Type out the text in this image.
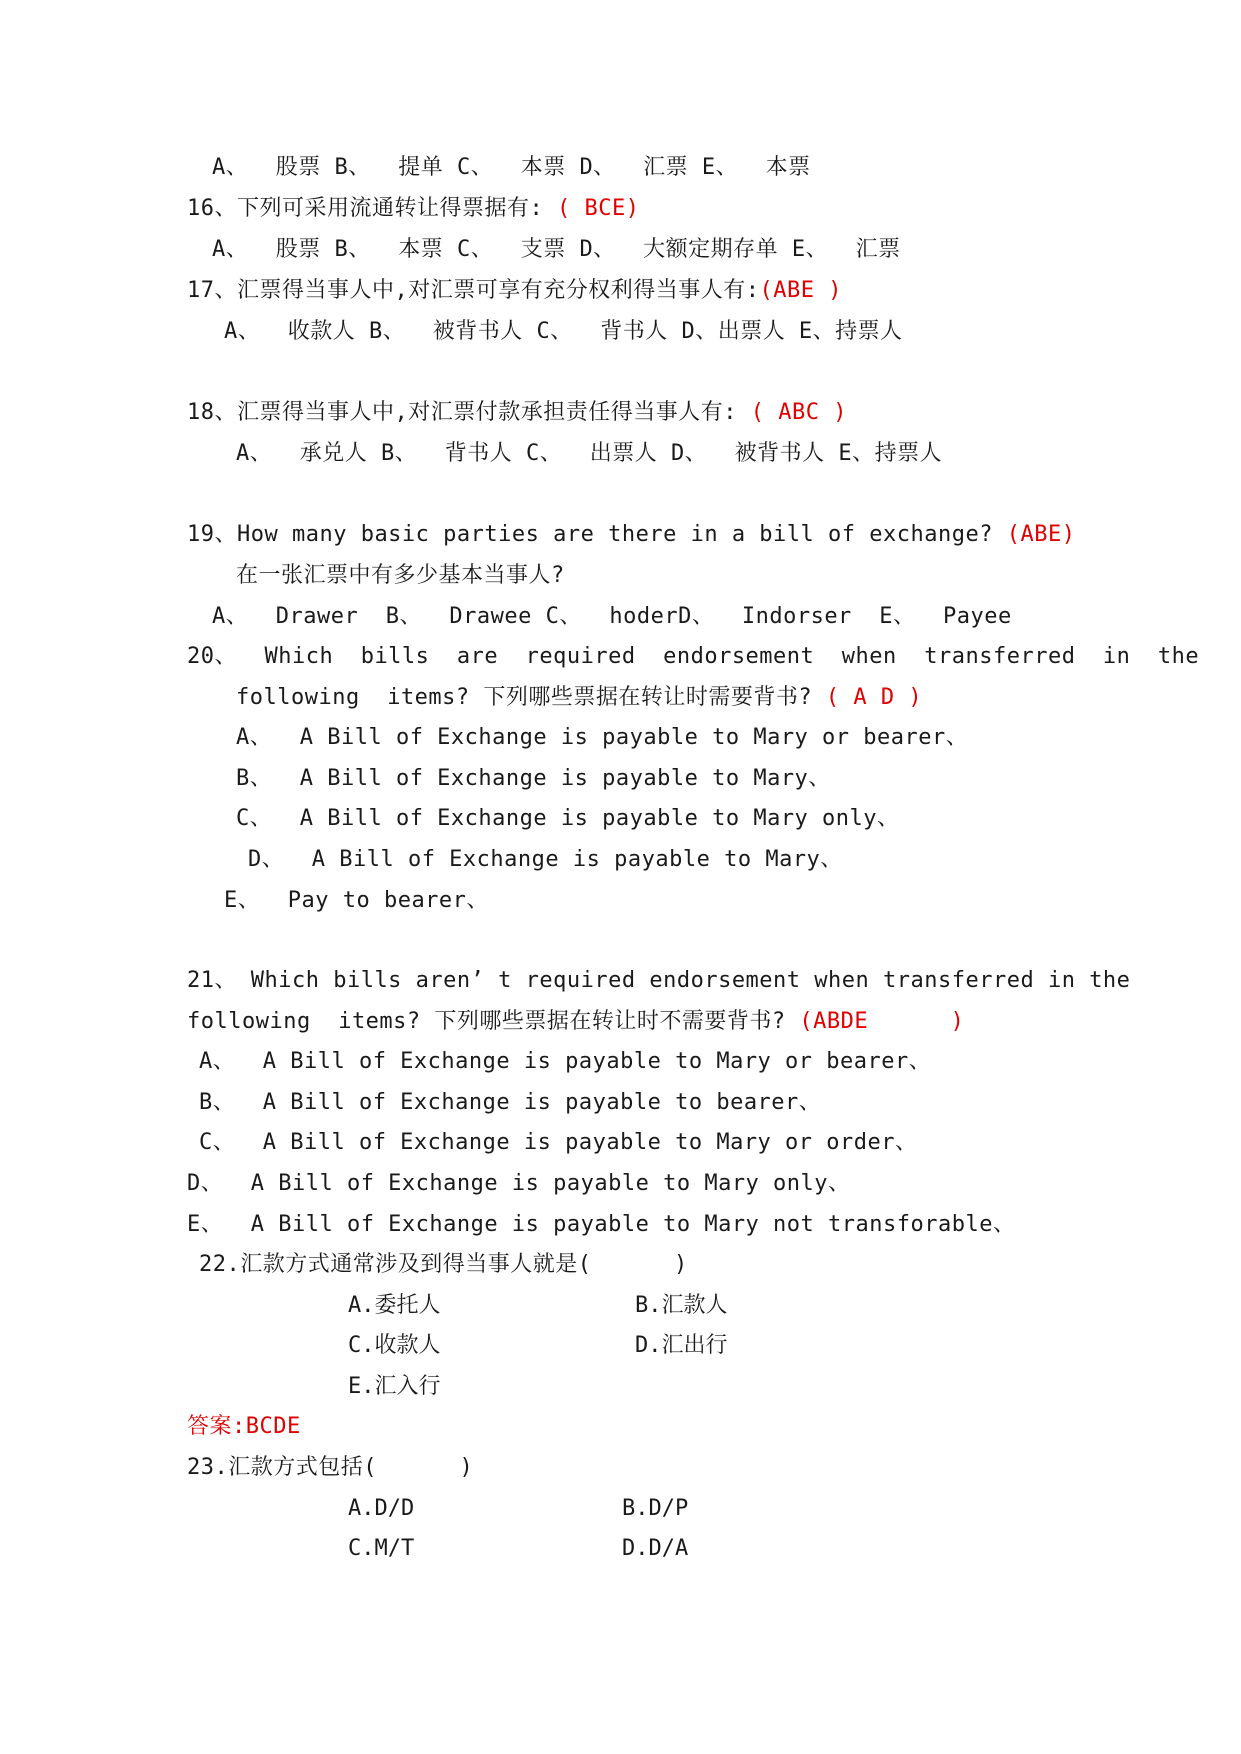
A、  股票 B、  提单 C、  本票 D、  汇票 E、  本票
16、下列可采用流通转让得票据有: ( BCE)
A、  股票 B、  本票 C、  支票 D、  大额定期存单 E、  汇票
17、汇票得当事人中,对汇票可享有充分权利得当事人有:(ABE )
A、  收款人 B、  被背书人 C、  背书人 D、出票人 E、持票人
18、汇票得当事人中,对汇票付款承担责任得当事人有: ( ABC )
A、  承兑人 B、  背书人 C、  出票人 D、  被背书人 E、持票人
19、How many basic parties are there in a bill of exchange? (ABE)
在一张汇票中有多少基本当事人?
A、  Drawer  B、  Drawee C、  hoderD、  Indorser  E、  Payee
20、  Which  bills  are  required  endorsement  when  transferred  in  the
following  items? 下列哪些票据在转让时需要背书? ( A D )
A、  A Bill of Exchange is payable to Mary or bearer、
B、  A Bill of Exchange is payable to Mary、
C、  A Bill of Exchange is payable to Mary only、
D、  A Bill of Exchange is payable to Mary、
E、  Pay to bearer、
21、 Which bills aren’ t required endorsement when transferred in the
following  items? 下列哪些票据在转让时不需要背书? (ABDE      )
A、  A Bill of Exchange is payable to Mary or bearer、
B、  A Bill of Exchange is payable to bearer、
C、  A Bill of Exchange is payable to Mary or order、
D、  A Bill of Exchange is payable to Mary only、
E、  A Bill of Exchange is payable to Mary not transforable、
22.汇款方式通常涉及到得当事人就是(      )
A.委托人	B.汇款人
C.收款人	D.汇出行
E.汇入行
答案:BCDE
23.汇款方式包括(      )
A.D/D	B.D/P
C.M/T	D.D/A
